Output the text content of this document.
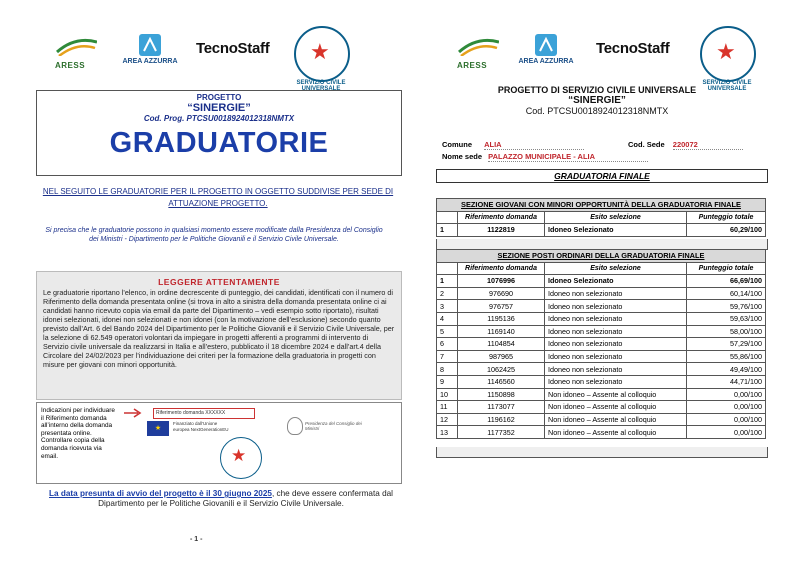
ARESS	AREA AZZURRA
TecnoStaff ★
SERVIZIO CIVILE UNIVERSALE
PROGETTO
“SINERGIE”
Cod. Prog. PTCSU0018924012318NMTX
GRADUATORIE
NEL SEGUITO LE GRADUATORIE PER IL PROGETTO IN OGGETTO SUDDIVISE PER SEDE DI ATTUAZIONE PROGETTO.
Si precisa che le graduatorie possono in qualsiasi momento essere modificate dalla Presidenza del Consiglio dei Ministri - Dipartimento per le Politiche Giovanili e il Servizio Civile Universale.
LEGGERE ATTENTAMENTE
Le graduatorie riportano l’elenco, in ordine decrescente di punteggio, dei candidati, identificati con il numero di Riferimento della domanda presentata online (si trova in alto a sinistra della domanda presentata online ci ai candidati hanno ricevuto copia via email da parte del Dipartimento – vedi esempio sotto riportato), risultati idonei selezionati, idonei non selezionati e non idonei (con la motivazione dell’esclusione) secondo quanto previsto dall’Art. 6 del Bando 2024 del Dipartimento per le Politiche Giovanili e il Servizio Civile Universale, per la selezione di 62.549 operatori volontari da impiegare in progetti afferenti a programmi di intervento di Servizio civile universale da realizzarsi in Italia e all’estero, pubblicato il 18 dicembre 2024 e dall’art.4 della Circolare del 24/02/2023 per l’individuazione dei criteri per la formazione della graduatoria in progetti con misure per giovani con minori opportunità.
Indicazioni per individuare il Riferimento domanda all’interno della domanda presentata online. Controllare copia della domanda ricevuta via email.
Riferimento domanda XXXXXX
★
Finanziato dall’Unione europea NextGenerationEU
Presidenza del Consiglio dei Ministri
★
La data presunta di avvio del progetto è il 30 giugno 2025, che deve essere confermata dal Dipartimento per le Politiche Giovanili e il Servizio Civile Universale.
- 1 -
ARESS	AREA AZZURRA
TecnoStaff ★
SERVIZIO CIVILE UNIVERSALE
PROGETTO DI SERVIZIO CIVILE UNIVERSALE
“SINERGIE”
Cod. PTCSU0018924012318NMTX
Comune ALIA	Cod. Sede 220072
Nome sede PALAZZO MUNICIPALE - ALIA
GRADUATORIA FINALE
SEZIONE GIOVANI CON MINORI OPPORTUNITÀ DELLA GRADUATORIA FINALE			
	Riferimento domanda	Esito selezione	Punteggio totale
1	1122819	Idoneo Selezionato	60,29/100
SEZIONE POSTI ORDINARI DELLA GRADUATORIA FINALE			
	Riferimento domanda	Esito selezione	Punteggio totale
1	1076996	Idoneo Selezionato	66,69/100
2	976690	Idoneo non selezionato	60,14/100
3	976757	Idoneo non selezionato	59,76/100
4	1195136	Idoneo non selezionato	59,63/100
5	1169140	Idoneo non selezionato	58,00/100
6	1104854	Idoneo non selezionato	57,29/100
7	987965	Idoneo non selezionato	55,86/100
8	1062425	Idoneo non selezionato	49,49/100
9	1146560	Idoneo non selezionato	44,71/100
10	1150898	Non idoneo – Assente al colloquio	0,00/100
11	1173077	Non idoneo – Assente al colloquio	0,00/100
12	1196162	Non idoneo – Assente al colloquio	0,00/100
13	1177352	Non idoneo – Assente al colloquio	0,00/100
